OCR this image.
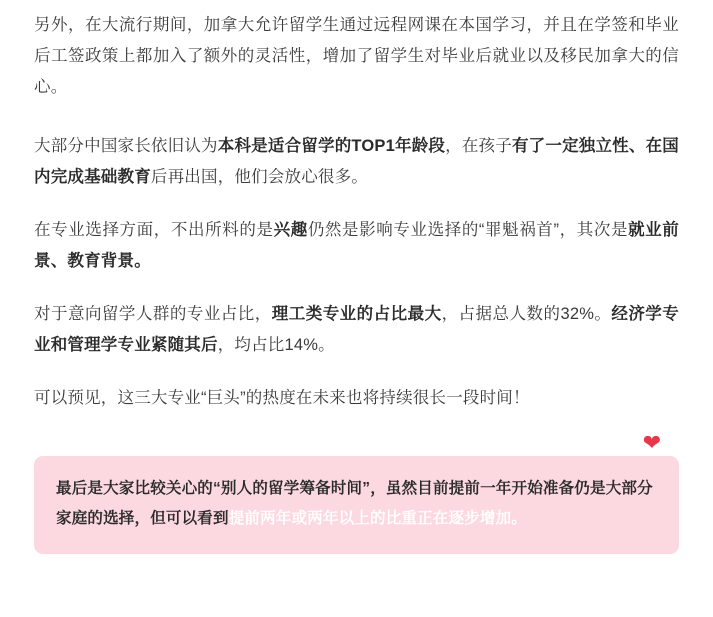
另外，在大流行期间，加拿大允许留学生通过远程网课在本国学习，并且在学签和毕业后工签政策上都加入了额外的灵活性，增加了留学生对毕业后就业以及移民加拿大的信心。

大部分中国家长依旧认为本科是适合留学的TOP1年龄段，在孩子有了一定独立性、在国内完成基础教育后再出国，他们会放心很多。

在专业选择方面，不出所料的是兴趣仍然是影响专业选择的“罪魁祸首”，其次是就业前景、教育背景。

对于意向留学人群的专业占比，理工类专业的占比最大，占据总人数的32%。经济学专业和管理学专业紧随其后，均占比14%。

可以预见，这三大专业“巨头”的热度在未来也将持续很长一段时间！

❤

最后是大家比较关心的“别人的留学筹备时间”，虽然目前提前一年开始准备仍是大部分家庭的选择，但可以看到提前两年或两年以上的比重正在逐步增加。
